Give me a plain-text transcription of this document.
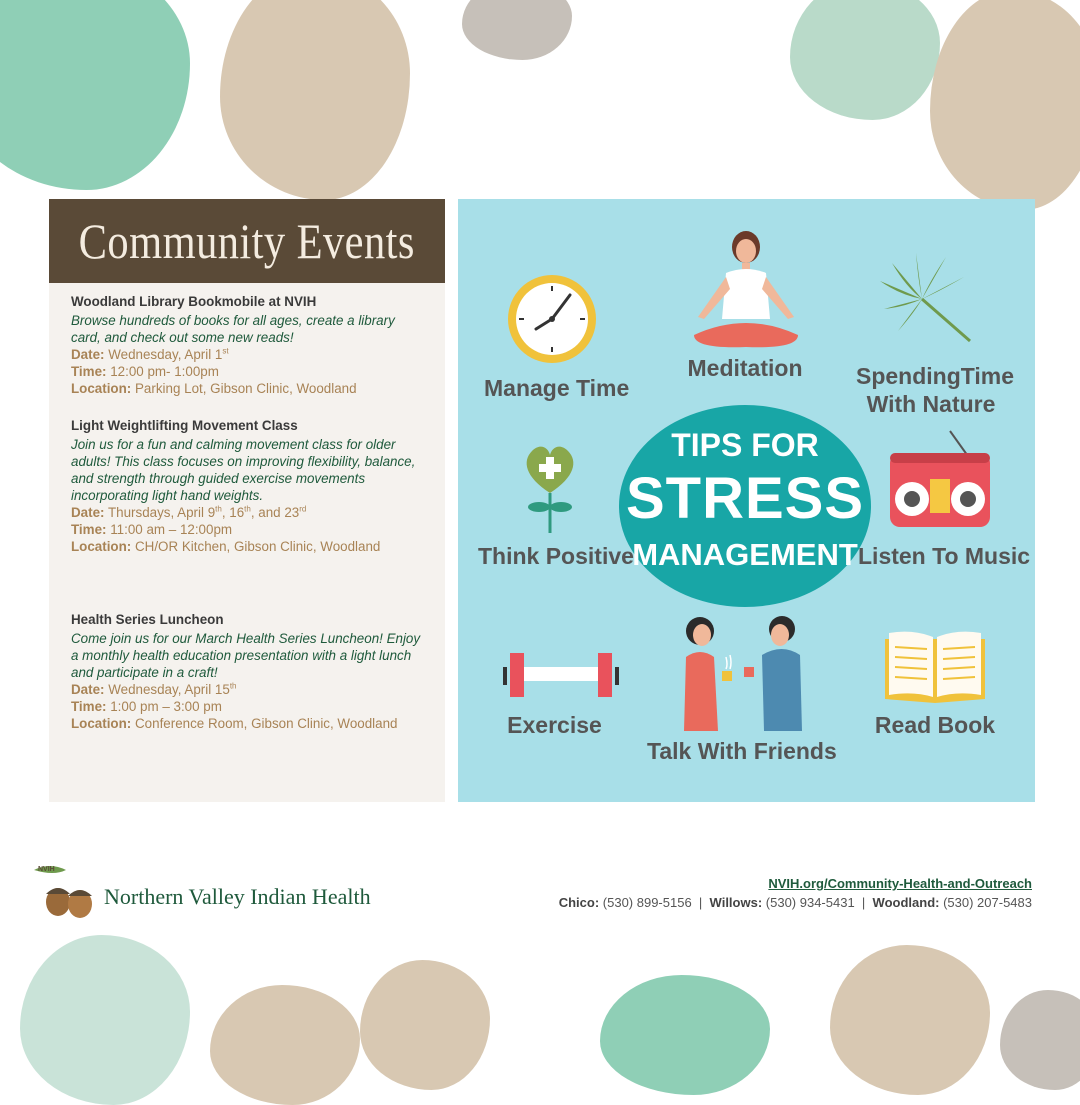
Community Events
Woodland Library Bookmobile at NVIH
Browse hundreds of books for all ages, create a library card, and check out some new reads!
Date: Wednesday, April 1st
Time: 12:00 pm- 1:00pm
Location: Parking Lot, Gibson Clinic, Woodland
Light Weightlifting Movement Class
Join us for a fun and calming movement class for older adults! This class focuses on improving flexibility, balance, and strength through guided exercise movements incorporating light hand weights.
Date: Thursdays, April 9th, 16th, and 23rd
Time: 11:00 am – 12:00pm
Location: CH/OR Kitchen, Gibson Clinic, Woodland
Health Series Luncheon
Come join us for our March Health Series Luncheon! Enjoy a monthly health education presentation with a light lunch and participate in a craft!
Date: Wednesday, April 15th
Time: 1:00 pm – 3:00 pm
Location: Conference Room, Gibson Clinic, Woodland
Manage Time
Meditation	SpendingTime
With Nature
Think Positive	Listen To Music
TIPS FOR
STRESS
MANAGEMENT
Exercise
Talk With Friends
Read Book
NVIH
Northern Valley Indian Health
NVIH.org/Community-Health-and-Outreach
Chico: (530) 899-5156 | Willows: (530) 934-5431 | Woodland: (530) 207-5483
